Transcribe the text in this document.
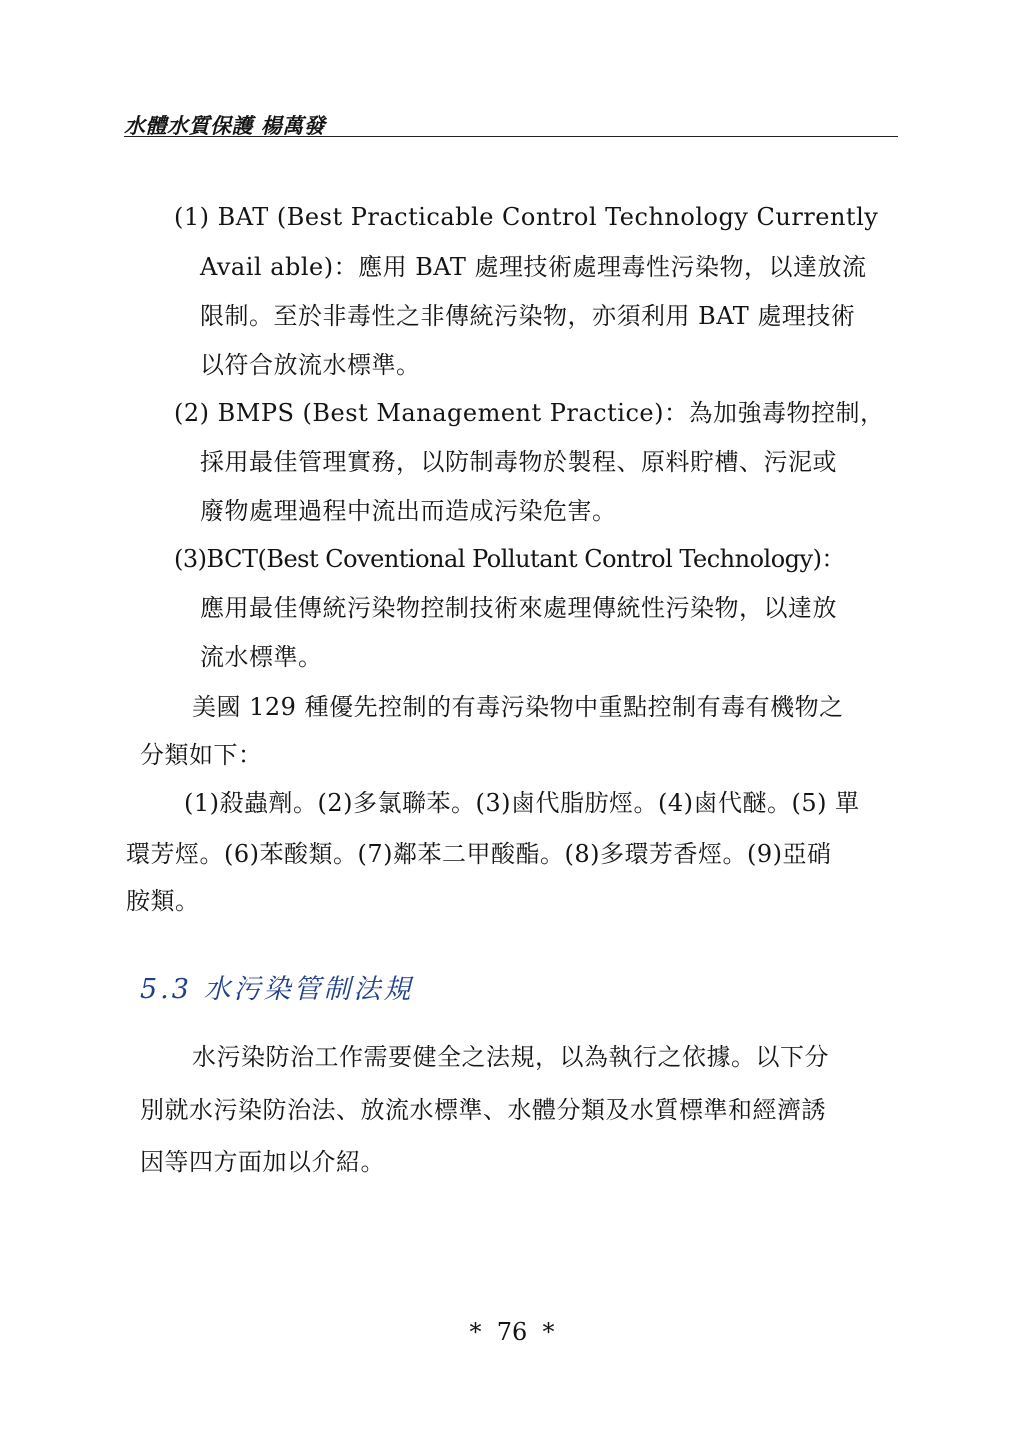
水體水質保護 楊萬發
(1) BAT (Best Practicable Control Technology Currently
Avail able)：應用 BAT 處理技術處理毒性污染物，以達放流
限制。至於非毒性之非傳統污染物，亦須利用 BAT 處理技術
以符合放流水標準。
(2) BMPS (Best Management Practice)：為加強毒物控制，
採用最佳管理實務，以防制毒物於製程、原料貯槽、污泥或
廢物處理過程中流出而造成污染危害。
(3)BCT(Best Coventional Pollutant Control Technology)：
應用最佳傳統污染物控制技術來處理傳統性污染物，以達放
流水標準。
美國 129 種優先控制的有毒污染物中重點控制有毒有機物之
分類如下：
(1)殺蟲劑。(2)多氯聯苯。(3)鹵代脂肪烴。(4)鹵代醚。(5) 單
環芳烴。(6)苯酸類。(7)鄰苯二甲酸酯。(8)多環芳香烴。(9)亞硝
胺類。
5.3 水污染管制法規
水污染防治工作需要健全之法規，以為執行之依據。以下分
別就水污染防治法、放流水標準、水體分類及水質標準和經濟誘
因等四方面加以介紹。
*  76  *
